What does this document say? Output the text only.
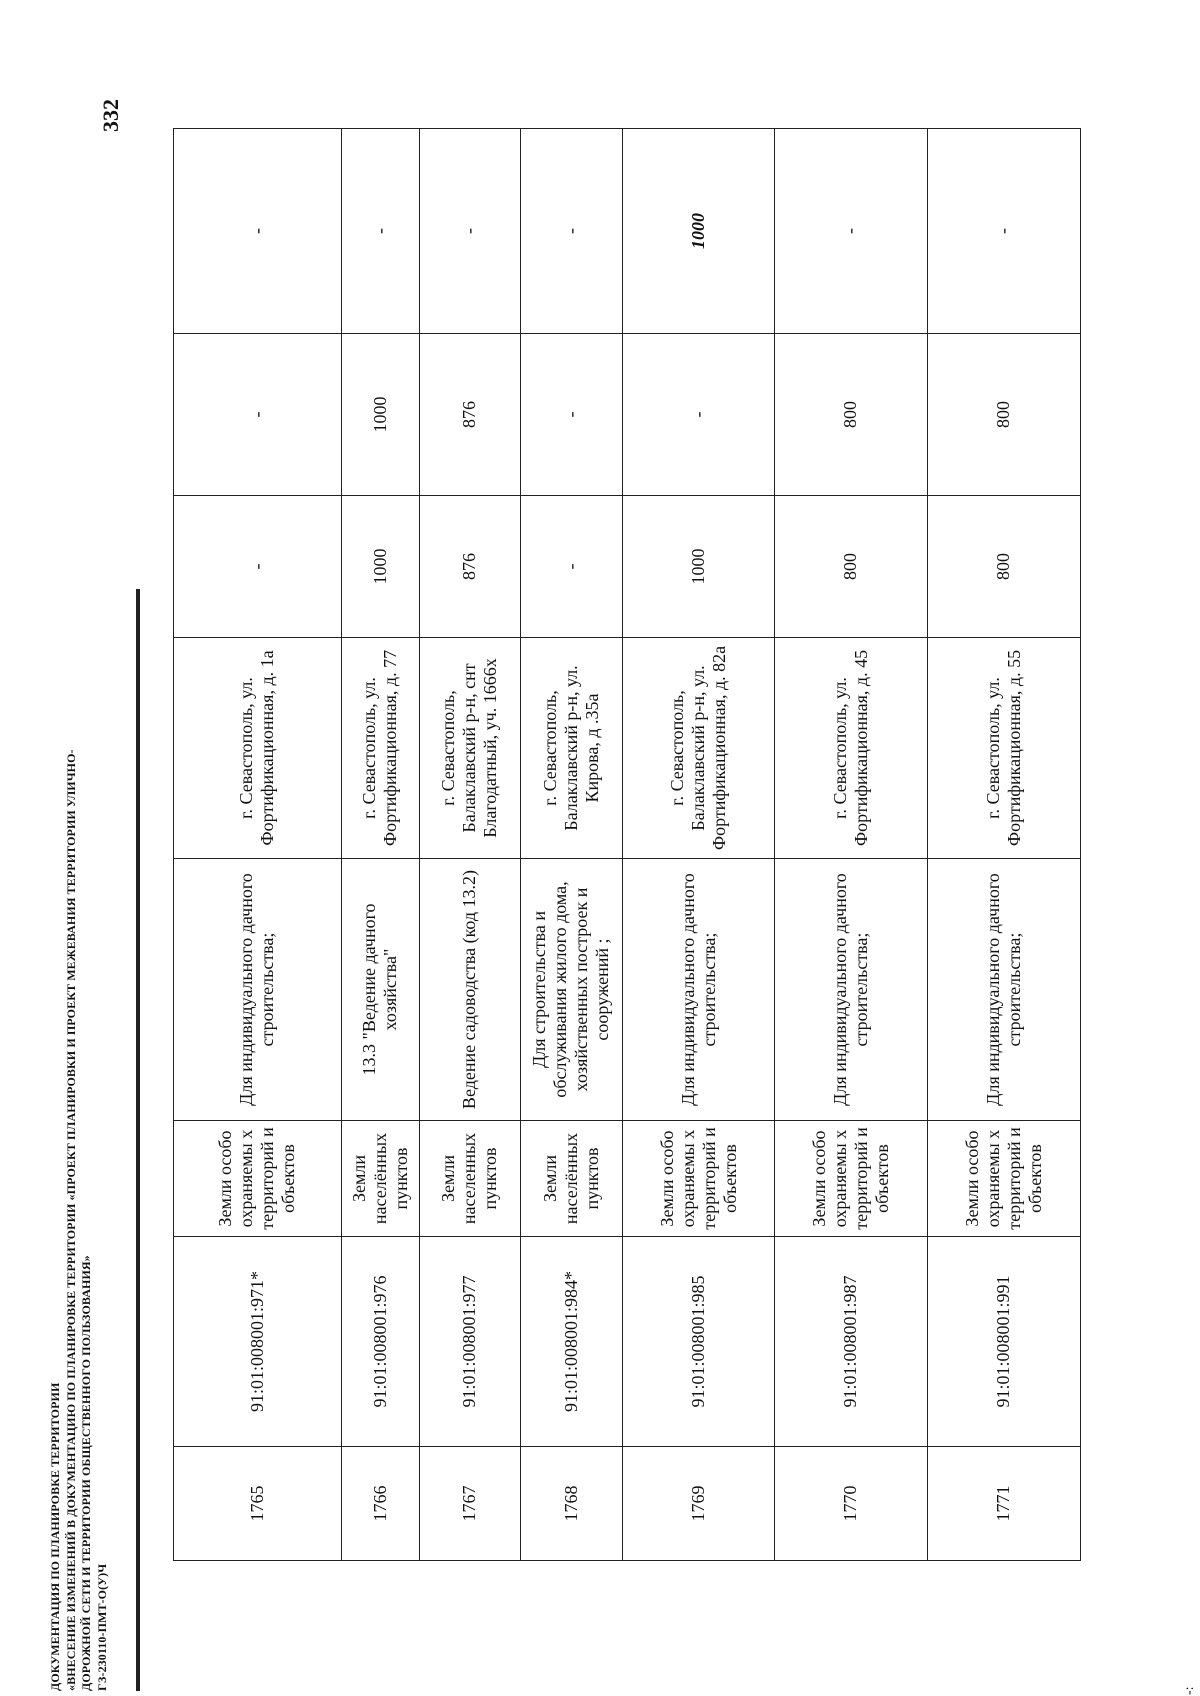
-:
ДОКУМЕНТАЦИЯ ПО ПЛАНИРОВКЕ ТЕРРИТОРИИ «ВНЕСЕНИЕ ИЗМЕНЕНИЙ В ДОКУМЕНТАЦИЮ ПО ПЛАНИРОВКЕ ТЕРРИТОРИИ «ПРОЕКТ ПЛАНИРОВКИ И ПРОЕКТ МЕЖЕВАНИЯ ТЕРРИТОРИИ УЛИЧНО- ДОРОЖНОЙ СЕТИ И ТЕРРИТОРИИ ОБЩЕСТВЕННОГО ПОЛЬЗОВАНИЯ» ГЗ-230110-ПМТ-О(У)Ч
332
1765	91:01:008001:971*	Земли особо охраняемы х территорий и объектов	Для индивидуального дачного строительства;	г. Севастополь, ул. Фортификационная, д. 1а	-	-	-
1766	91:01:008001:976	Земли населённых пунктов	13.3 "Ведение дачного хозяйства"	г. Севастополь, ул. Фортификационная, д. 77	1000	1000	-
1767	91:01:008001:977	Земли населенных пунктов	Ведение садоводства (код 13.2)	г. Севастополь, Балаклавский р-н, снт Благодатный, уч. 1666х	876	876	-
1768	91:01:008001:984*	Земли населённых пунктов	Для строительства и обслуживания жилого дома, хозяйственных построек и сооружений ;	г. Севастополь, Балаклавский р-н, ул. Кирова, д .35а	-	-	-
1769	91:01:008001:985	Земли особо охраняемы х территорий и объектов	Для индивидуального дачного строительства;	г. Севастополь, Балаклавский р-н, ул. Фортификационная, д. 82а	1000	-	1000
1770	91:01:008001:987	Земли особо охраняемы х территорий и объектов	Для индивидуального дачного строительства;	г. Севастополь, ул. Фортификационная, д. 45	800	800	-
1771	91:01:008001:991	Земли особо охраняемы х территорий и объектов	Для индивидуального дачного строительства;	г. Севастополь, ул. Фортификационная, д. 55	800	800	-
